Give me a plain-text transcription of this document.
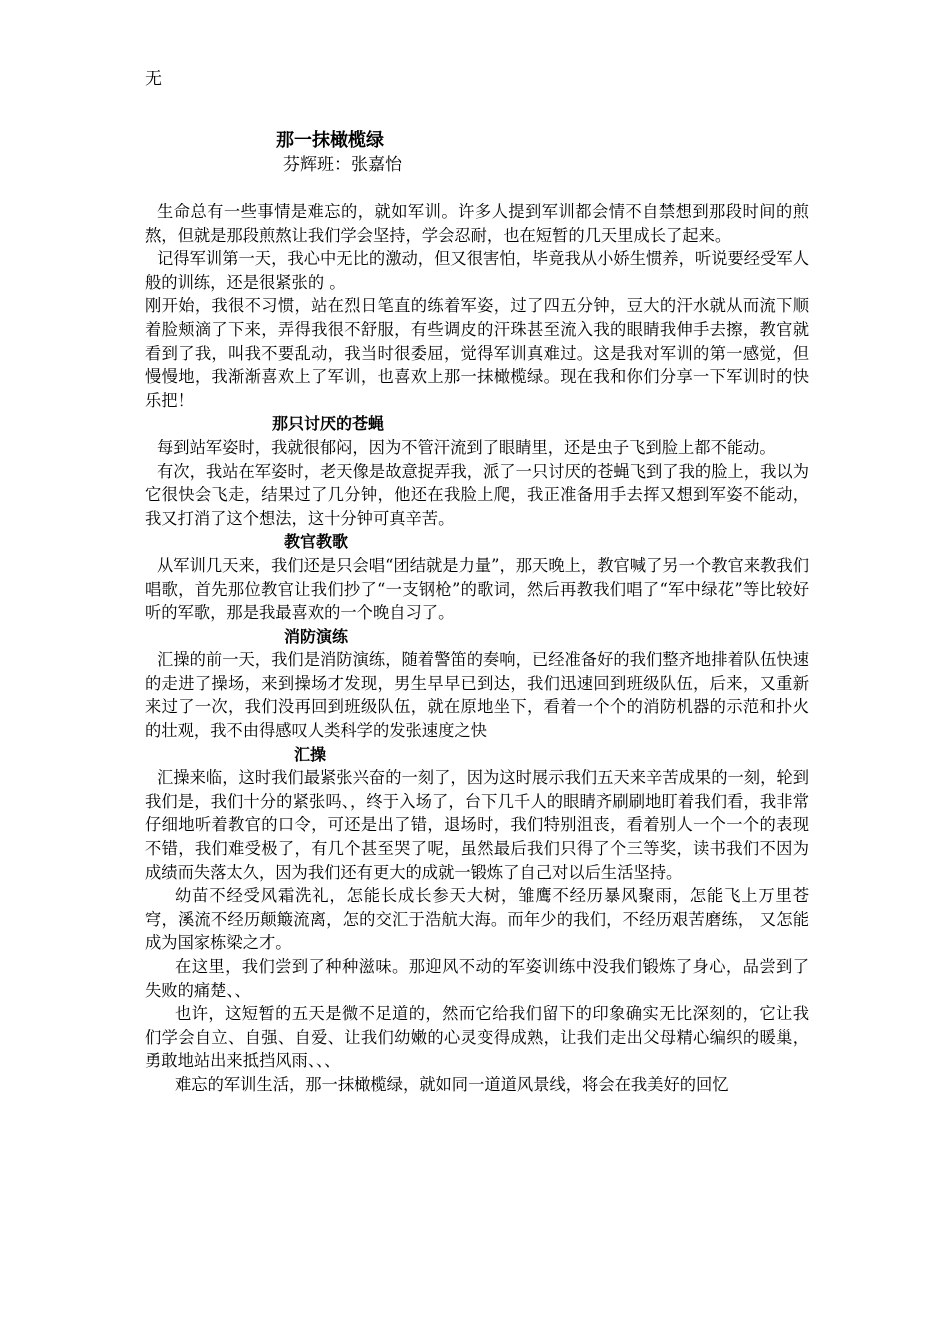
无
那一抹橄榄绿
芬辉班：张嘉怡

生命总有一些事情是难忘的，就如军训。许多人提到军训都会情不自禁想到那段时间的煎熬，但就是那段煎熬让我们学会坚持，学会忍耐，也在短暂的几天里成长了起来。

记得军训第一天，我心中无比的激动，但又很害怕，毕竟我从小娇生惯养，听说要经受军人般的训练，还是很紧张的 。

刚开始，我很不习惯，站在烈日笔直的练着军姿，过了四五分钟，豆大的汗水就从而流下顺着脸颊滴了下来，弄得我很不舒服，有些调皮的汗珠甚至流入我的眼睛我伸手去擦，教官就看到了我，叫我不要乱动，我当时很委屈，觉得军训真难过。这是我对军训的第一感觉，但慢慢地，我渐渐喜欢上了军训，也喜欢上那一抹橄榄绿。现在我和你们分享一下军训时的快乐把！

那只讨厌的苍蝇

每到站军姿时，我就很郁闷，因为不管汗流到了眼睛里，还是虫子飞到脸上都不能动。

有次，我站在军姿时，老天像是故意捉弄我，派了一只讨厌的苍蝇飞到了我的脸上，我以为它很快会飞走，结果过了几分钟，他还在我脸上爬，我正准备用手去挥又想到军姿不能动，我又打消了这个想法，这十分钟可真辛苦。

教官教歌

从军训几天来，我们还是只会唱“团结就是力量”，那天晚上，教官喊了另一个教官来教我们唱歌，首先那位教官让我们抄了“一支钢枪”的歌词，然后再教我们唱了“军中绿花”等比较好听的军歌，那是我最喜欢的一个晚自习了。

消防演练

汇操的前一天，我们是消防演练，随着警笛的奏响，已经准备好的我们整齐地排着队伍快速的走进了操场，来到操场才发现，男生早早已到达，我们迅速回到班级队伍，后来，又重新来过了一次，我们没再回到班级队伍，就在原地坐下，看着一个个的消防机器的示范和扑火的壮观，我不由得感叹人类科学的发张速度之快

汇操

汇操来临，这时我们最紧张兴奋的一刻了，因为这时展示我们五天来辛苦成果的一刻，轮到我们是，我们十分的紧张吗、，终于入场了，台下几千人的眼睛齐刷刷地盯着我们看，我非常仔细地听着教官的口令，可还是出了错，退场时，我们特别沮丧，看着别人一个一个的表现不错，我们难受极了，有几个甚至哭了呢，虽然最后我们只得了个三等奖，读书我们不因为成绩而失落太久，因为我们还有更大的成就一锻炼了自己对以后生活坚持。

幼苗不经受风霜洗礼，怎能长成长参天大树，雏鹰不经历暴风聚雨，怎能飞上万里苍穹，溪流不经历颠簸流离，怎的交汇于浩航大海。而年少的我们，不经历艰苦磨练， 又怎能成为国家栋梁之才。

在这里，我们尝到了种种滋味。那迎风不动的军姿训练中没我们锻炼了身心，品尝到了失败的痛楚、、

也许，这短暂的五天是微不足道的，然而它给我们留下的印象确实无比深刻的，它让我们学会自立、自强、自爱、让我们幼嫩的心灵变得成熟，让我们走出父母精心编织的暖巢，勇敢地站出来抵挡风雨、、、

难忘的军训生活，那一抹橄榄绿，就如同一道道风景线，将会在我美好的回忆
